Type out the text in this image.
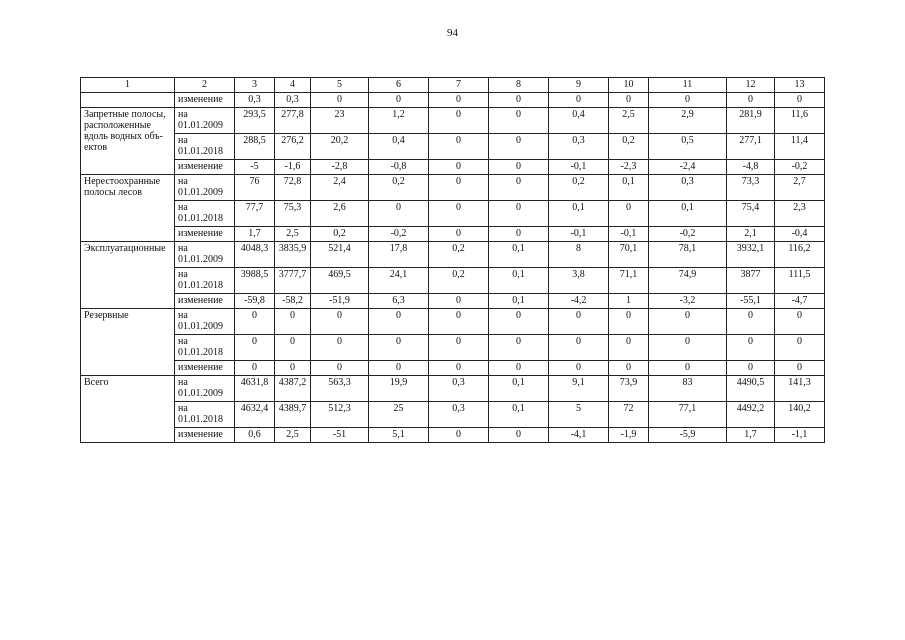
94
1	2	3	4	5	6	7	8	9	10	11	12	13
	изменение	0,3	0,3	0	0	0	0	0	0	0	0	0
Запретные полосы, расположенные вдоль водных объ-ектов	на 01.01.2009	293,5	277,8	23	1,2	0	0	0,4	2,5	2,9	281,9	11,6
	на 01.01.2018	288,5	276,2	20,2	0,4	0	0	0,3	0,2	0,5	277,1	11,4
	изменение	-5	-1,6	-2,8	-0,8	0	0	-0,1	-2,3	-2,4	-4,8	-0,2
Нерестоохранные полосы лесов	на 01.01.2009	76	72,8	2,4	0,2	0	0	0,2	0,1	0,3	73,3	2,7
	на 01.01.2018	77,7	75,3	2,6	0	0	0	0,1	0	0,1	75,4	2,3
	изменение	1,7	2,5	0,2	-0,2	0	0	-0,1	-0,1	-0,2	2,1	-0,4
Эксплуатационные	на 01.01.2009	4048,3	3835,9	521,4	17,8	0,2	0,1	8	70,1	78,1	3932,1	116,2
	на 01.01.2018	3988,5	3777,7	469,5	24,1	0,2	0,1	3,8	71,1	74,9	3877	111,5
	изменение	-59,8	-58,2	-51,9	6,3	0	0,1	-4,2	1	-3,2	-55,1	-4,7
Резервные	на 01.01.2009	0	0	0	0	0	0	0	0	0	0	0
	на 01.01.2018	0	0	0	0	0	0	0	0	0	0	0
	изменение	0	0	0	0	0	0	0	0	0	0	0
Всего	на 01.01.2009	4631,8	4387,2	563,3	19,9	0,3	0,1	9,1	73,9	83	4490,5	141,3
	на 01.01.2018	4632,4	4389,7	512,3	25	0,3	0,1	5	72	77,1	4492,2	140,2
	изменение	0,6	2,5	-51	5,1	0	0	-4,1	-1,9	-5,9	1,7	-1,1
